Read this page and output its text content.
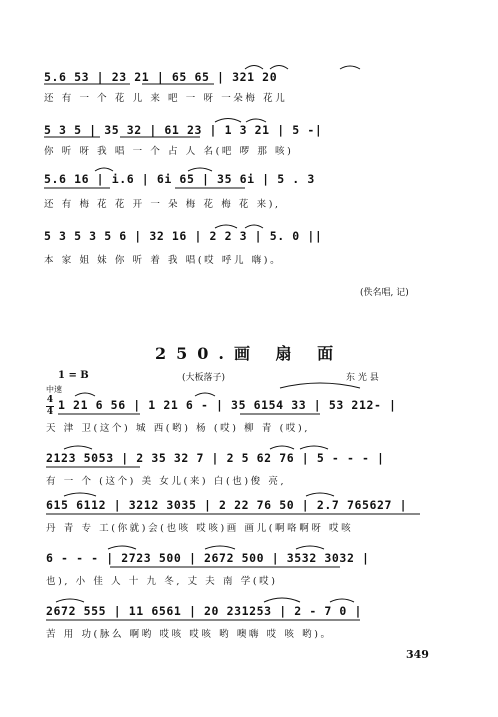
5.6 53 | 23 21 | 65 65 | 321 20
还 有 一 个 花 儿 来 吧 一 呀 一朵梅 花儿
5 3 5 | 35 32 | 61 23 | 1 3 21 | 5 -|
你 听 呀 我 唱 一 个 占 人 名(吧 啰 那 咳)
5.6 16 | i.6 | 6i 65 | 35 6i | 5 . 3
还 有 梅 花 花 开 一 朵 梅 花 梅 花 来),
5 3 5 3 5 6 | 32 16 | 2 2 3 | 5. 0 ||
本 家 姐 妹 你 听 着 我 唱(哎 呼儿 嗨)。
(佚名唱, 记)
250.画 扇 面
1 = B	(大板落子)	东 光 县
中速
4
4 1 21 6 56 | 1 21 6 - | 35 6154 33 | 53 212- |
天 津 卫(这个) 城 西(哟) 杨 (哎) 柳 青 (哎),
2123 5053 | 2 35 32 7 | 2 5 62 76 | 5 - - - |
有 一 个 (这个) 美 女儿(来) 白(也)俊 亮,
615 6112 | 3212 3035 | 2 22 76 50 | 2.7 765627 |
丹 青 专 工(你就)会(也咳 哎咳)画 画儿(啊咯啊呀 哎咳
6 - - - | 2723 500 | 2672 500 | 3532 3032 |
也), 小 佳 人 十 九 冬, 丈 夫 南 学(哎)
2672 555 | 11 6561 | 20 231253 | 2 - 7 0 |
苦 用 功(脉么 啊哟 哎咳 哎咳 哟 噢嗨 哎 咳 哟)。
349
